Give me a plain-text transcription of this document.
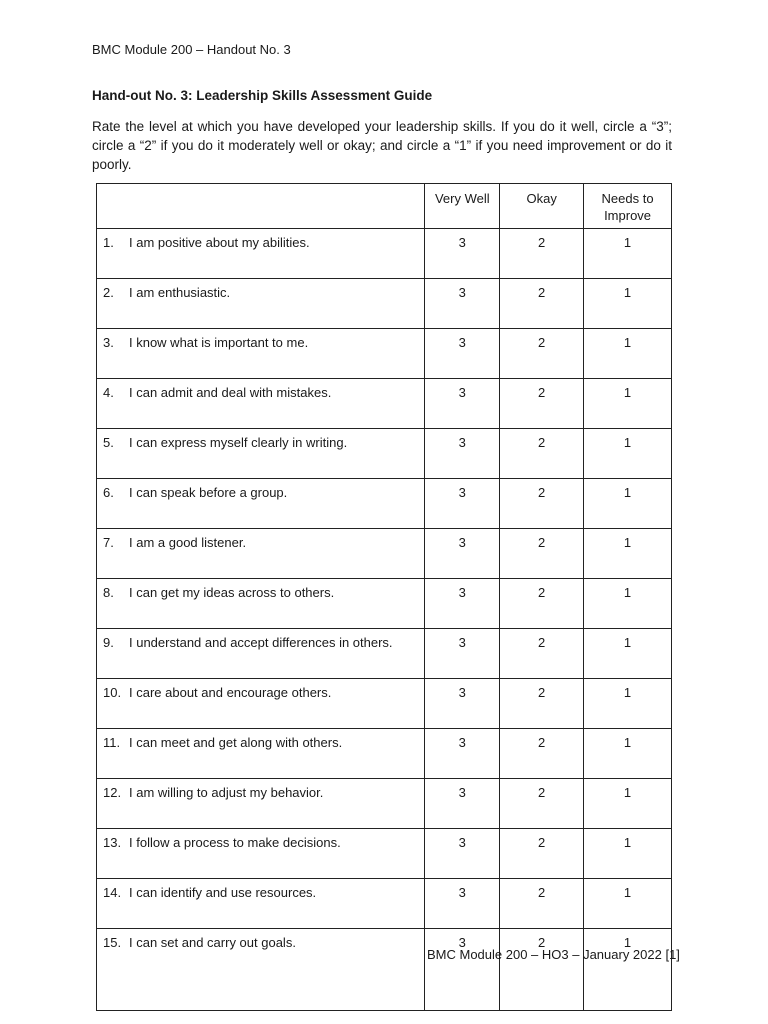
BMC Module 200 – Handout No. 3
Hand-out No. 3: Leadership Skills Assessment Guide
Rate the level at which you have developed your leadership skills. If you do it well, circle a “3”; circle a “2” if you do it moderately well or okay; and circle a “1” if you need improvement or do it poorly.
	Very Well	Okay	Needs to Improve
1. I am positive about my abilities.	3	2	1
2. I am enthusiastic.	3	2	1
3. I know what is important to me.	3	2	1
4. I can admit and deal with mistakes.	3	2	1
5. I can express myself clearly in writing.	3	2	1
6. I can speak before a group.	3	2	1
7. I am a good listener.	3	2	1
8. I can get my ideas across to others.	3	2	1
9. I understand and accept differences in others.	3	2	1
10. I care about and encourage others.	3	2	1
11. I can meet and get along with others.	3	2	1
12. I am willing to adjust my behavior.	3	2	1
13. I follow a process to make decisions.	3	2	1
14. I can identify and use resources.	3	2	1
15. I can set and carry out goals.	3	2	1
BMC Module 200 – HO3 – January 2022 [1]
